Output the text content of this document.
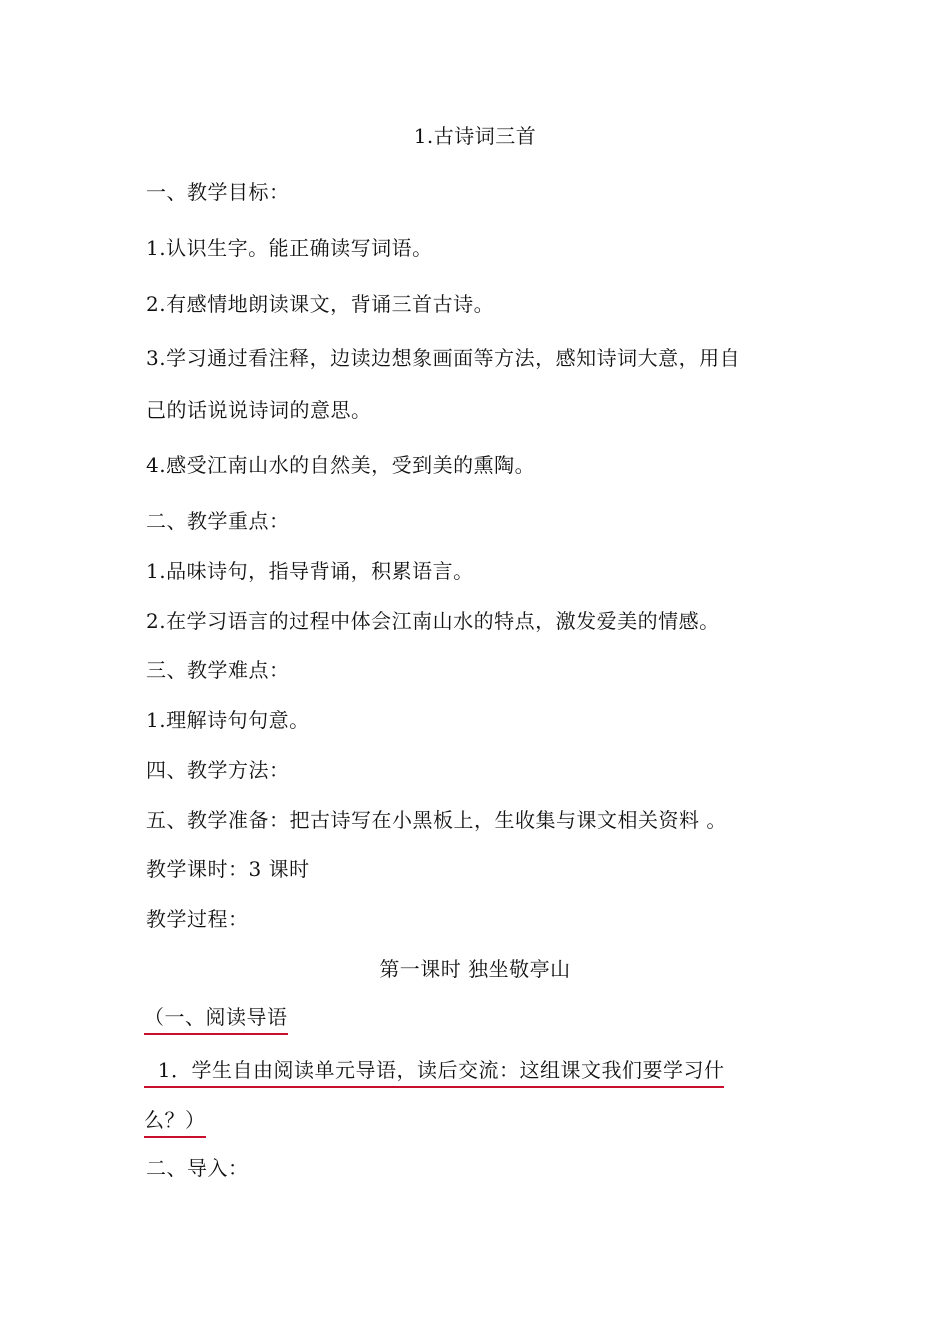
1.古诗词三首
一、教学目标：
1.认识生字。能正确读写词语。
2.有感情地朗读课文，背诵三首古诗。
3.学习通过看注释，边读边想象画面等方法，感知诗词大意，用自
己的话说说诗词的意思。
4.感受江南山水的自然美，受到美的熏陶。
二、教学重点：
1.品味诗句，指导背诵，积累语言。
2.在学习语言的过程中体会江南山水的特点，激发爱美的情感。
三、教学难点：
1.理解诗句句意。
四、教学方法：
五、教学准备：把古诗写在小黑板上，生收集与课文相关资料 。
教学课时：3 课时
教学过程：
第一课时 独坐敬亭山
（一、阅读导语
1．学生自由阅读单元导语，读后交流：这组课文我们要学习什
么？）
二、导入：
